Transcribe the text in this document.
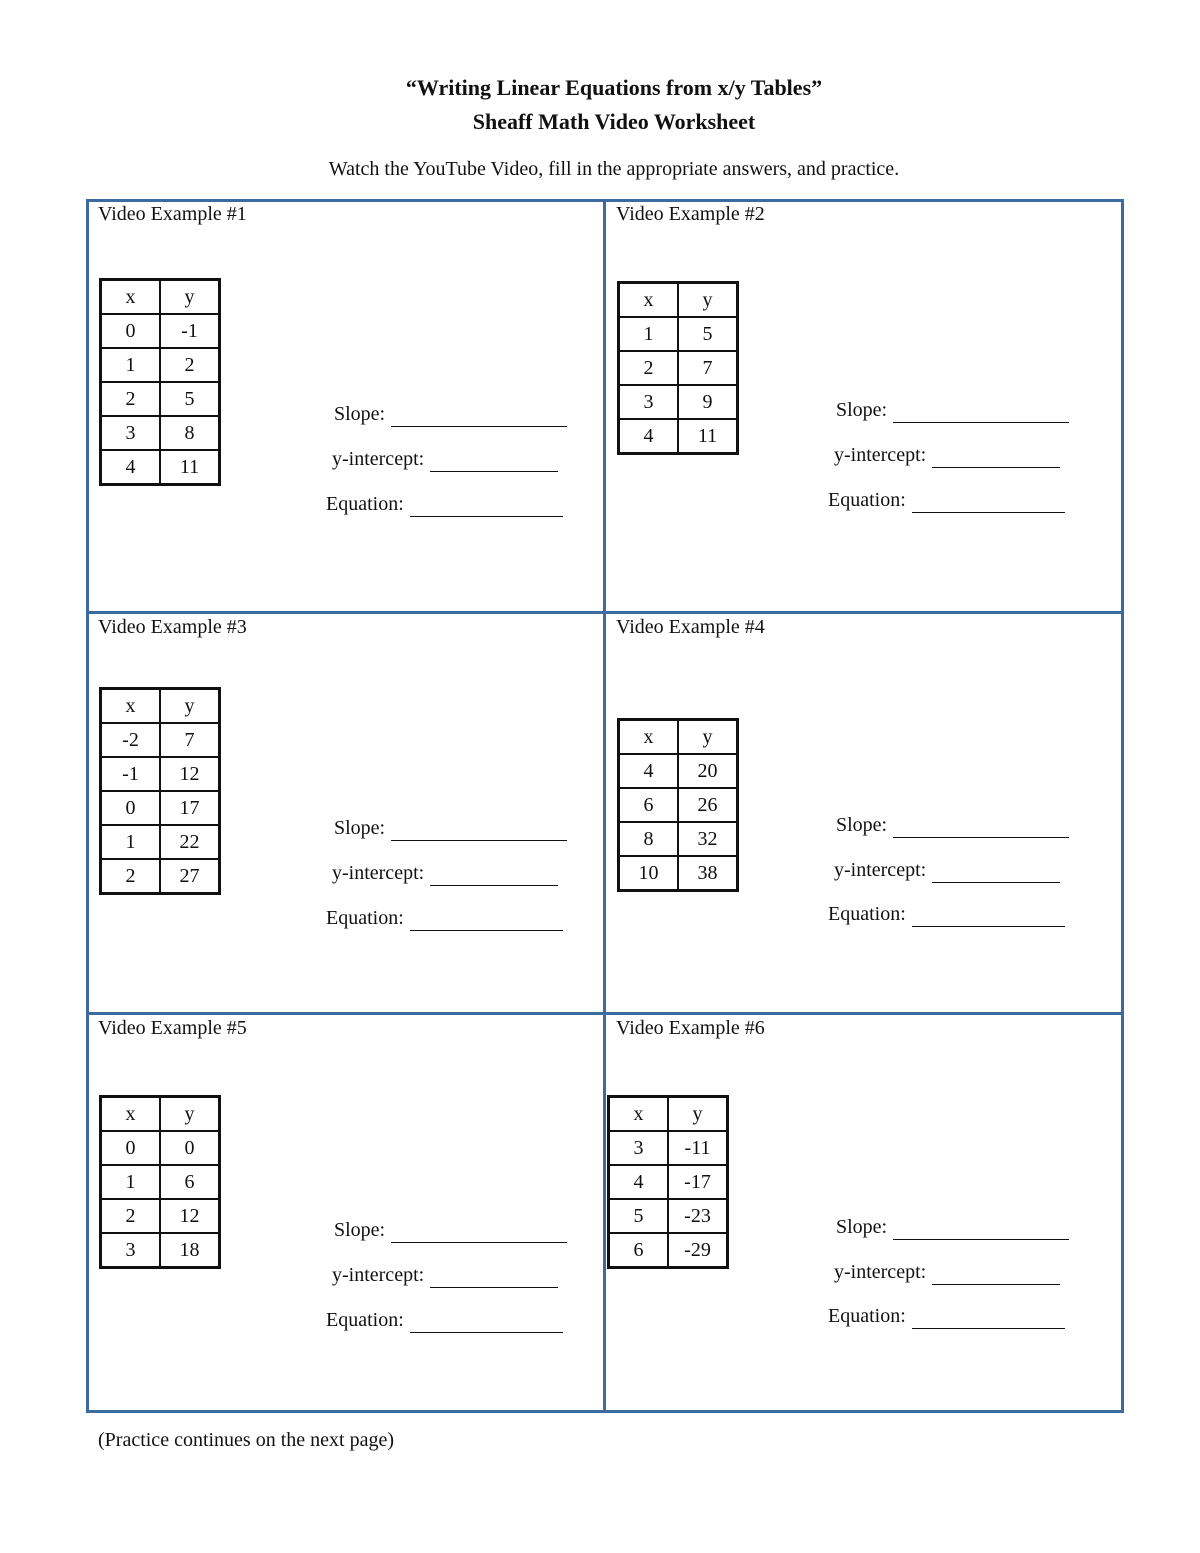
“Writing Linear Equations from x/y Tables”
Sheaff Math Video Worksheet
Watch the YouTube Video, fill in the appropriate answers, and practice.
Video Example #1
x	y
0	-1
1	2
2	5
3	8
4	11
Slope:
y-intercept:
Equation:
Video Example #2
x	y
1	5
2	7
3	9
4	11
Slope:
y-intercept:
Equation:
Video Example #3
x	y
-2	7
-1	12
0	17
1	22
2	27
Slope:
y-intercept:
Equation:
Video Example #4
x	y
4	20
6	26
8	32
10	38
Slope:
y-intercept:
Equation:
Video Example #5
x	y
0	0
1	6
2	12
3	18
Slope:
y-intercept:
Equation:
Video Example #6
x	y
3	-11
4	-17
5	-23
6	-29
Slope:
y-intercept:
Equation:
(Practice continues on the next page)
